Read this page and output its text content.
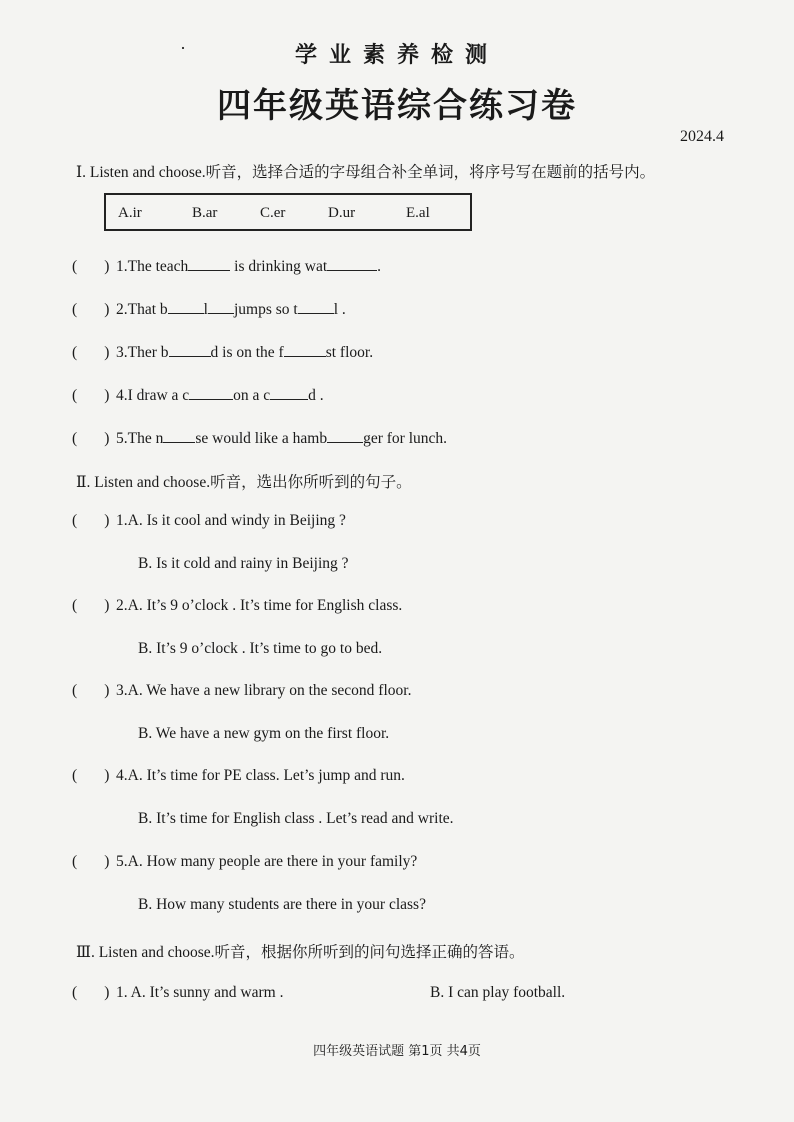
·	学业素养检测
四年级英语综合练习卷
2024.4
Ⅰ. Listen and choose.听音，选择合适的字母组合补全单词，将序号写在题前的括号内。
A.ir	B.ar	C.er	D.ur	E.al
( ) 1.The teach	is drinking wat	.
( ) 2.That b l jumps so t l .
( ) 3.Ther b	d is on the f	st floor.
( ) 4.I draw a c	on a c d .
( ) 5.The n se would like a hamb ger for lunch.
Ⅱ. Listen and choose.听音，选出你所听到的句子。
( ) 1.A. Is it cool and windy in Beijing ?
B. Is it cold and rainy in Beijing ?
( ) 2.A. It’s 9 o’clock . It’s time for English class.
B. It’s 9 o’clock . It’s time to go to bed.
( ) 3.A. We have a new library on the second floor.
B. We have a new gym on the first floor.
( ) 4.A. It’s time for PE class. Let’s jump and run.
B. It’s time for English class . Let’s read and write.
( ) 5.A. How many people are there in your family?
B. How many students are there in your class?
Ⅲ. Listen and choose.听音，根据你所听到的问句选择正确的答语。
( ) 1. A. It’s sunny and warm .	B. I can play football.
四年级英语试题 第1页 共4页
